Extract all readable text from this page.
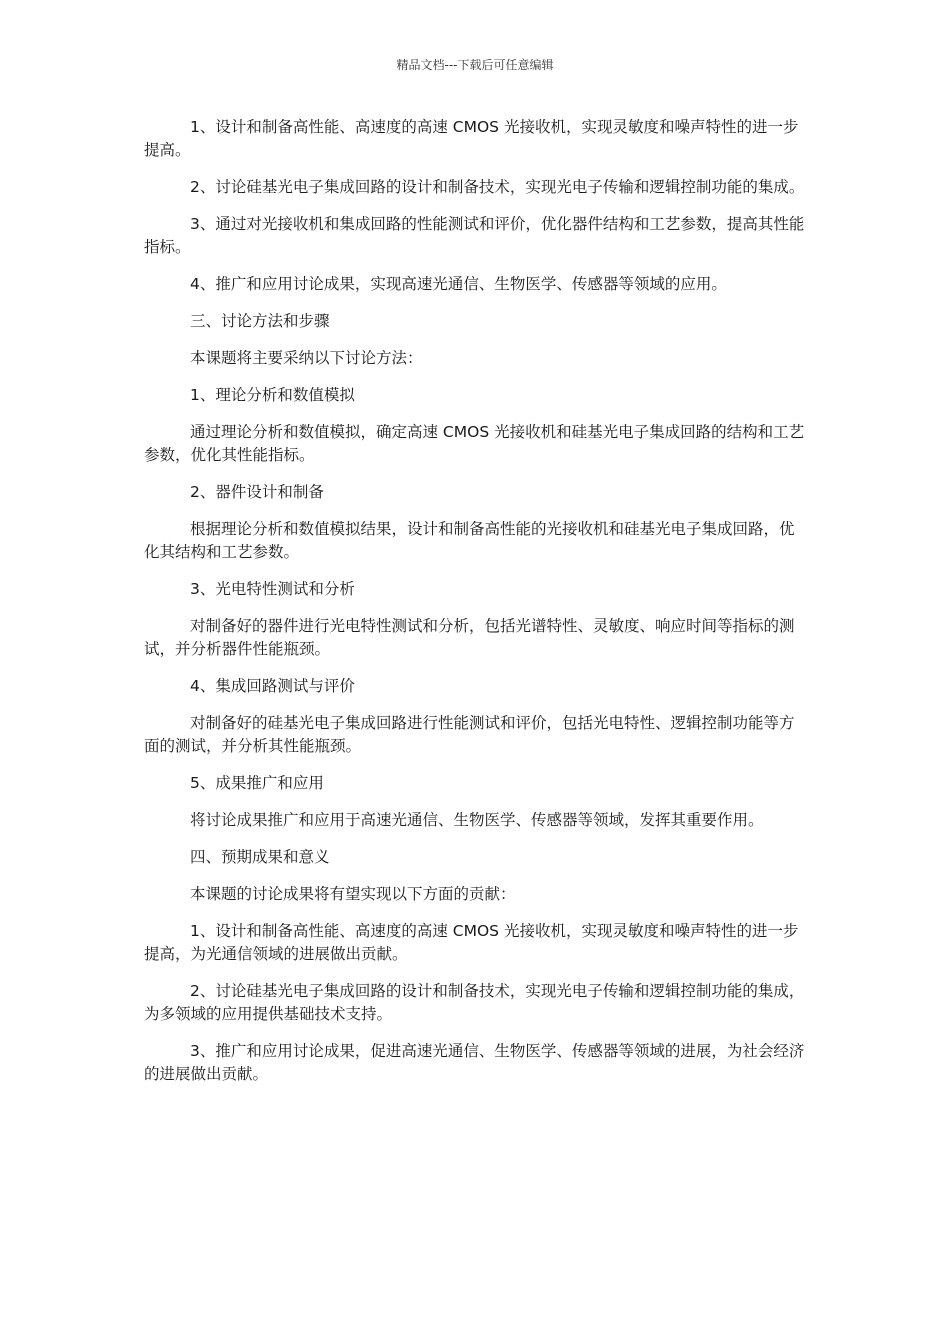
精品文档---下载后可任意编辑

1、设计和制备高性能、高速度的高速 CMOS 光接收机，实现灵敏度和噪声特性的进一步提高。

2、讨论硅基光电子集成回路的设计和制备技术，实现光电子传输和逻辑控制功能的集成。

3、通过对光接收机和集成回路的性能测试和评价，优化器件结构和工艺参数，提高其性能指标。

4、推广和应用讨论成果，实现高速光通信、生物医学、传感器等领域的应用。

三、讨论方法和步骤

本课题将主要采纳以下讨论方法：

1、理论分析和数值模拟

通过理论分析和数值模拟，确定高速 CMOS 光接收机和硅基光电子集成回路的结构和工艺参数，优化其性能指标。

2、器件设计和制备

根据理论分析和数值模拟结果，设计和制备高性能的光接收机和硅基光电子集成回路，优化其结构和工艺参数。

3、光电特性测试和分析

对制备好的器件进行光电特性测试和分析，包括光谱特性、灵敏度、响应时间等指标的测试，并分析器件性能瓶颈。

4、集成回路测试与评价

对制备好的硅基光电子集成回路进行性能测试和评价，包括光电特性、逻辑控制功能等方面的测试，并分析其性能瓶颈。

5、成果推广和应用

将讨论成果推广和应用于高速光通信、生物医学、传感器等领域，发挥其重要作用。

四、预期成果和意义

本课题的讨论成果将有望实现以下方面的贡献：

1、设计和制备高性能、高速度的高速 CMOS 光接收机，实现灵敏度和噪声特性的进一步提高，为光通信领域的进展做出贡献。

2、讨论硅基光电子集成回路的设计和制备技术，实现光电子传输和逻辑控制功能的集成，为多领域的应用提供基础技术支持。

3、推广和应用讨论成果，促进高速光通信、生物医学、传感器等领域的进展，为社会经济的进展做出贡献。
